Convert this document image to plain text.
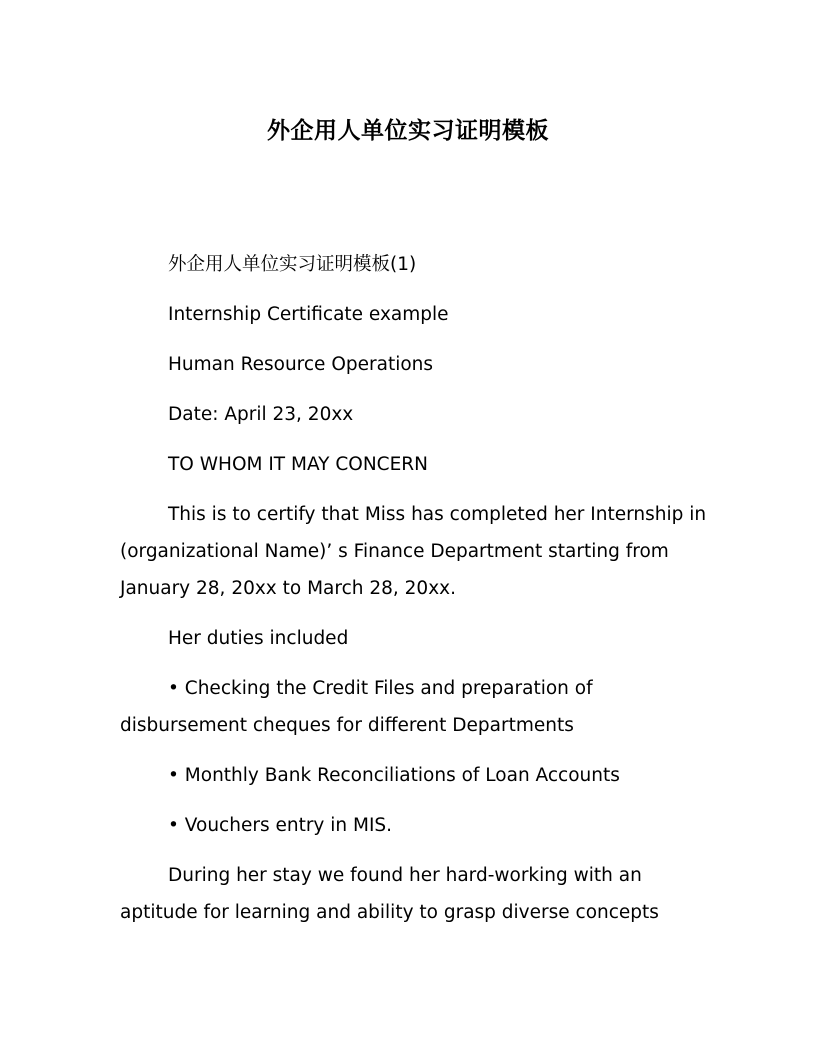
外企用人单位实习证明模板

外企用人单位实习证明模板(1)

Internship Certificate example

Human Resource Operations

Date: April 23, 20xx

TO WHOM IT MAY CONCERN

This is to certify that Miss has completed her Internship in
(organizational Name)’ s Finance Department starting from
January 28, 20xx to March 28, 20xx.

Her duties included

• Checking the Credit Files and preparation of
disbursement cheques for different Departments

• Monthly Bank Reconciliations of Loan Accounts

• Vouchers entry in MIS.

During her stay we found her hard-working with an
aptitude for learning and ability to grasp diverse concepts
